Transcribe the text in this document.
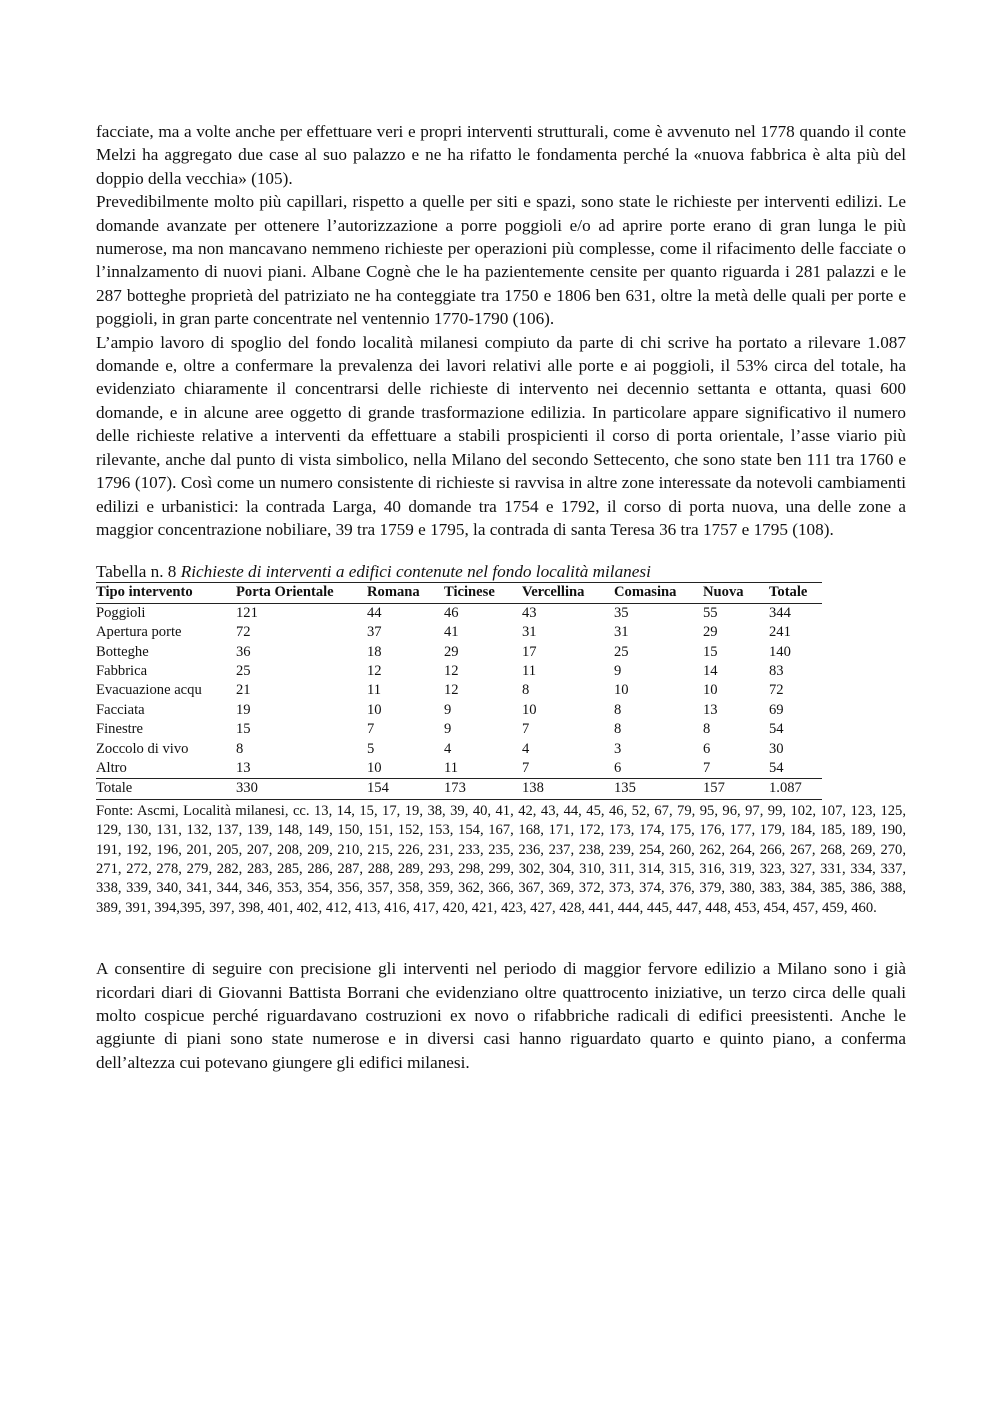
facciate, ma a volte anche per effettuare veri e propri interventi strutturali, come è avvenuto nel 1778 quando il conte Melzi ha aggregato due case al suo palazzo e ne ha rifatto le fondamenta perché la «nuova fabbrica è alta più del doppio della vecchia» (105).

Prevedibilmente molto più capillari, rispetto a quelle per siti e spazi, sono state le richieste per interventi edilizi. Le domande avanzate per ottenere l’autorizzazione a porre poggioli e/o ad aprire porte erano di gran lunga le più numerose, ma non mancavano nemmeno richieste per operazioni più complesse, come il rifacimento delle facciate o l’innalzamento di nuovi piani. Albane Cognè che le ha pazientemente censite per quanto riguarda i 281 palazzi e le 287 botteghe proprietà del patriziato ne ha conteggiate tra 1750 e 1806 ben 631, oltre la metà delle quali per porte e poggioli, in gran parte concentrate nel ventennio 1770-1790 (106).

L’ampio lavoro di spoglio del fondo località milanesi compiuto da parte di chi scrive ha portato a rilevare 1.087 domande e, oltre a confermare la prevalenza dei lavori relativi alle porte e ai poggioli, il 53% circa del totale, ha evidenziato chiaramente il concentrarsi delle richieste di intervento nei decennio settanta e ottanta, quasi 600 domande, e in alcune aree oggetto di grande trasformazione edilizia. In particolare appare significativo il numero delle richieste relative a interventi da effettuare a stabili prospicienti il corso di porta orientale, l’asse viario più rilevante, anche dal punto di vista simbolico, nella Milano del secondo Settecento, che sono state ben 111 tra 1760 e 1796 (107). Così come un numero consistente di richieste si ravvisa in altre zone interessate da notevoli cambiamenti edilizi e urbanistici: la contrada Larga, 40 domande tra 1754 e 1792, il corso di porta nuova, una delle zone a maggior concentrazione nobiliare, 39 tra 1759 e 1795, la contrada di santa Teresa 36 tra 1757 e 1795 (108).

Tabella n. 8 Richieste di interventi a edifici contenute nel fondo località milanesi

Tipo intervento	Porta Orientale	Romana	Ticinese	Vercellina	Comasina	Nuova	Totale
Poggioli	121	44	46	43	35	55	344
Apertura porte	72	37	41	31	31	29	241
Botteghe	36	18	29	17	25	15	140
Fabbrica	25	12	12	11	9	14	83
Evacuazione acqu	21	11	12	8	10	10	72
Facciata	19	10	9	10	8	13	69
Finestre	15	7	9	7	8	8	54
Zoccolo di vivo	8	5	4	4	3	6	30
Altro	13	10	11	7	6	7	54
Totale	330	154	173	138	135	157	1.087

Fonte: Ascmi, Località milanesi, cc. 13, 14, 15, 17, 19, 38, 39, 40, 41, 42, 43, 44, 45, 46, 52, 67, 79, 95, 96, 97, 99, 102, 107, 123, 125, 129, 130, 131, 132, 137, 139, 148, 149, 150, 151, 152, 153, 154, 167, 168, 171, 172, 173, 174, 175, 176, 177, 179, 184, 185, 189, 190, 191, 192, 196, 201, 205, 207, 208, 209, 210, 215, 226, 231, 233, 235, 236, 237, 238, 239, 254, 260, 262, 264, 266, 267, 268, 269, 270, 271, 272, 278, 279, 282, 283, 285, 286, 287, 288, 289, 293, 298, 299, 302, 304, 310, 311, 314, 315, 316, 319, 323, 327, 331, 334, 337, 338, 339, 340, 341, 344, 346, 353, 354, 356, 357, 358, 359, 362, 366, 367, 369, 372, 373, 374, 376, 379, 380, 383, 384, 385, 386, 388, 389, 391, 394,395, 397, 398, 401, 402, 412, 413, 416, 417, 420, 421, 423, 427, 428, 441, 444, 445, 447, 448, 453, 454, 457, 459, 460.

A consentire di seguire con precisione gli interventi nel periodo di maggior fervore edilizio a Milano sono i già ricordari diari di Giovanni Battista Borrani che evidenziano oltre quattrocento iniziative, un terzo circa delle quali molto cospicue perché riguardavano costruzioni ex novo o rifabbriche radicali di edifici preesistenti. Anche le aggiunte di piani sono state numerose e in diversi casi hanno riguardato quarto e quinto piano, a conferma dell’altezza cui potevano giungere gli edifici milanesi.
